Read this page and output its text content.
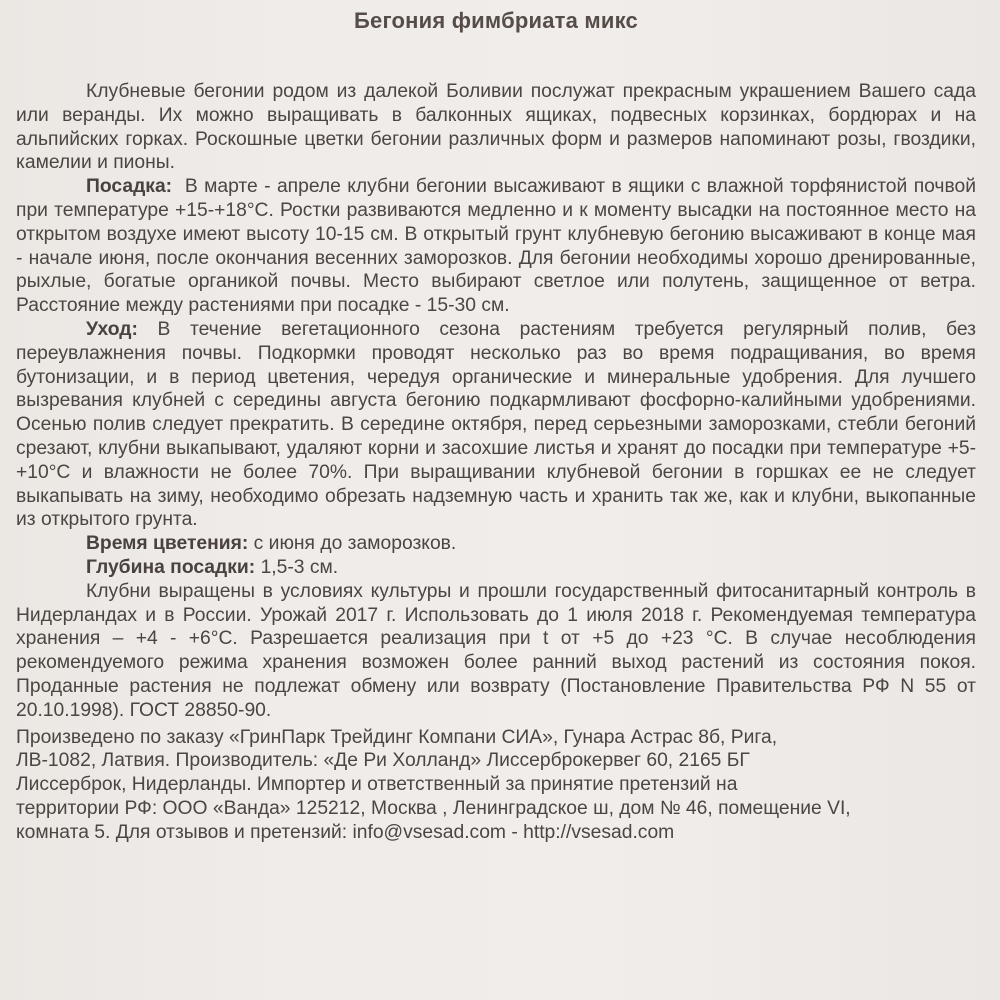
Бегония фимбриата микс

Клубневые бегонии родом из далекой Боливии послужат прекрасным украшением Вашего сада или веранды. Их можно выращивать в балконных ящиках, подвесных корзинках, бордюрах и на альпийских горках. Роскошные цветки бегонии различных форм и размеров напоминают розы, гвоздики, камелии и пионы.

Посадка: В марте - апреле клубни бегонии высаживают в ящики с влажной торфянистой почвой при температуре +15-+18°С. Ростки развиваются медленно и к моменту высадки на постоянное место на открытом воздухе имеют высоту 10-15 см. В открытый грунт клубневую бегонию высаживают в конце мая - начале июня, после окончания весенних заморозков. Для бегонии необходимы хорошо дренированные, рыхлые, богатые органикой почвы. Место выбирают светлое или полутень, защищенное от ветра. Расстояние между растениями при посадке - 15-30 см.

Уход: В течение вегетационного сезона растениям требуется регулярный полив, без переувлажнения почвы. Подкормки проводят несколько раз во время подращивания, во время бутонизации, и в период цветения, чередуя органические и минеральные удобрения. Для лучшего вызревания клубней с середины августа бегонию подкармливают фосфорно-калийными удобрениями. Осенью полив следует прекратить. В середине октября, перед серьезными заморозками, стебли бегоний срезают, клубни выкапывают, удаляют корни и засохшие листья и хранят до посадки при температуре +5-+10°С и влажности не более 70%. При выращивании клубневой бегонии в горшках ее не следует выкапывать на зиму, необходимо обрезать надземную часть и хранить так же, как и клубни, выкопанные из открытого грунта.

Время цветения: с июня до заморозков.

Глубина посадки: 1,5-3 см.

Клубни выращены в условиях культуры и прошли государственный фитосанитарный контроль в Нидерландах и в России. Урожай 2017 г. Использовать до 1 июля 2018 г. Рекомендуемая температура хранения – +4 - +6°С. Разрешается реализация при t от +5 до +23 °С. В случае несоблюдения рекомендуемого режима хранения возможен более ранний выход растений из состояния покоя. Проданные растения не подлежат обмену или возврату (Постановление Правительства РФ N 55 от 20.10.1998). ГОСТ 28850-90.

Произведено по заказу «ГринПарк Трейдинг Компани СИА», Гунара Астрас 8б, Рига,

ЛВ-1082, Латвия. Производитель: «Де Ри Холланд» Лиссерброкервег 60, 2165 БГ

Лиссерброк, Нидерланды. Импортер и ответственный за принятие претензий на

территории РФ: ООО «Ванда» 125212, Москва , Ленинградское ш, дом № 46, помещение VI,

комната 5. Для отзывов и претензий: info@vsesad.com - http://vsesad.com
